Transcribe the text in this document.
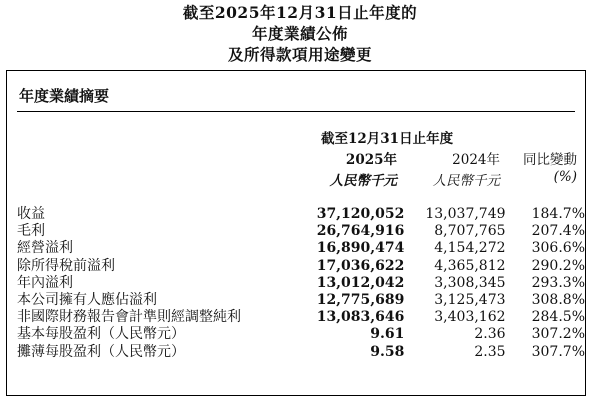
截至2025年12月31日止年度的
年度業績公佈
及所得款項用途變更
年度業績摘要
截至12月31日止年度
2025年	2024年	同比變動
人民幣千元	人民幣千元	(%)
收益	37,120,052	13,037,749	184.7%
毛利	26,764,916	8,707,765	207.4%
經營溢利	16,890,474	4,154,272	306.6%
除所得稅前溢利	17,036,622	4,365,812	290.2%
年內溢利	13,012,042	3,308,345	293.3%
本公司擁有人應佔溢利	12,775,689	3,125,473	308.8%
非國際財務報告會計準則經調整純利	13,083,646	3,403,162	284.5%
基本每股盈利（人民幣元）	9.61	2.36	307.2%
攤薄每股盈利（人民幣元）	9.58	2.35	307.7%
